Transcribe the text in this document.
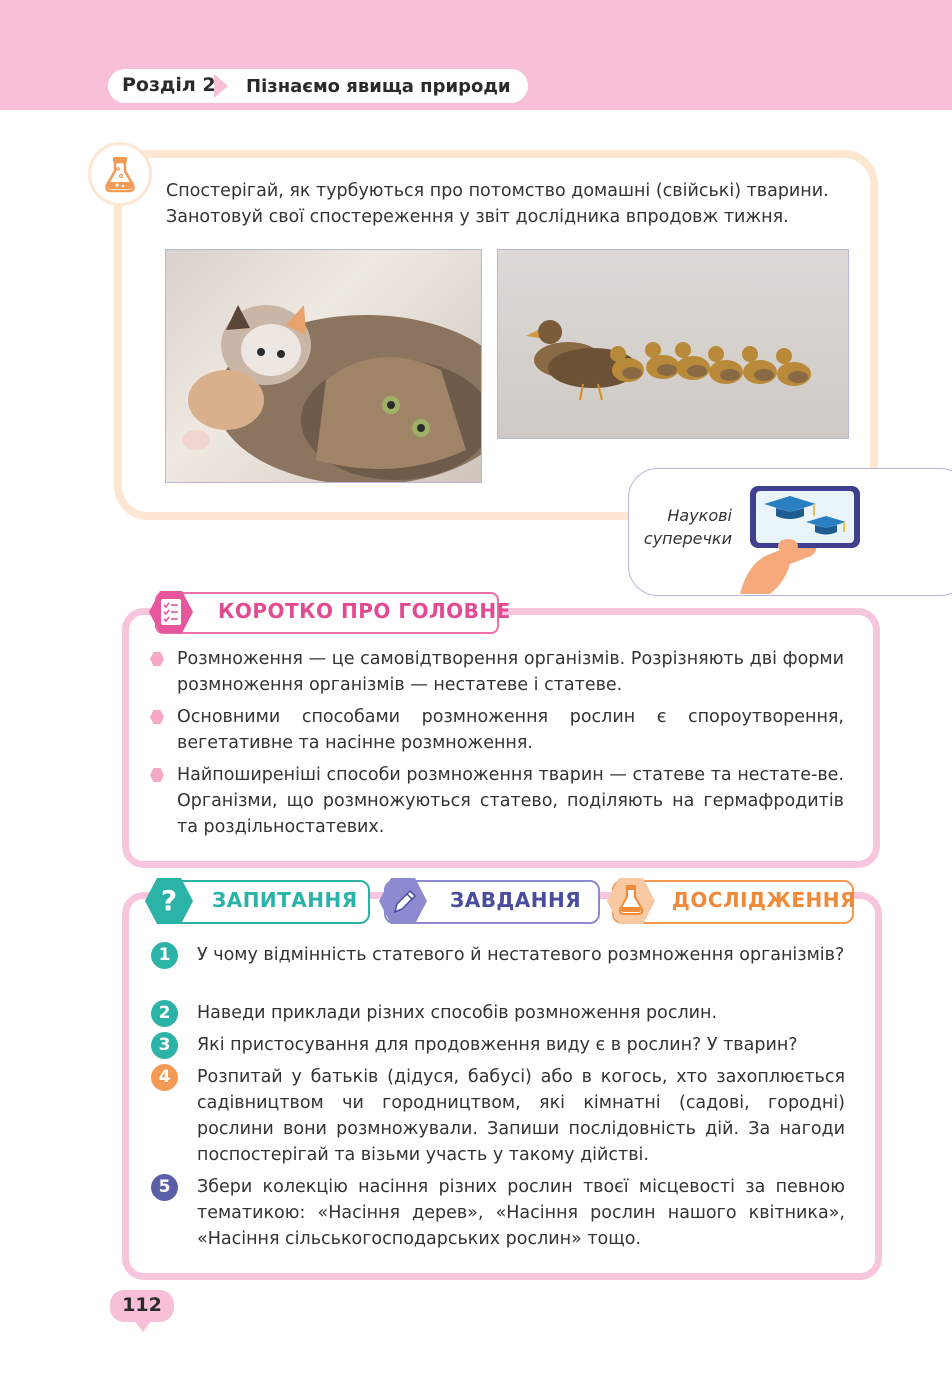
Розділ 2 Пізнаємо явища природи
Спостерігай, як турбуються про потомство домашні (свійські) тварини. Занотовуй свої спостереження у звіт дослідника впродовж тижня.
Наукові
суперечки
КОРОТКО ПРО ГОЛОВНЕ
Розмноження — це самовідтворення організмів. Розрізняють дві форми розмноження організмів — нестатеве і статеве.
Основними способами розмноження рослин є спороутворення, вегетативне та насінне розмноження.
Найпоширеніші способи розмноження тварин — статеве та нестате-ве. Організми, що розмножуються статево, поділяють на гермафродитів та роздільностатевих.
? ЗАПИТАННЯ	ЗАВДАННЯ	ДОСЛІДЖЕННЯ
1	У чому відмінність статевого й нестатевого розмноження організмів?
2	Наведи приклади різних способів розмноження рослин.
3	Які пристосування для продовження виду є в рослин? У тварин?
4	Розпитай у батьків (дідуся, бабусі) або в когось, хто захоплюється садівництвом чи городництвом, які кімнатні (садові, городні) рослини вони розмножували. Запиши послідовність дій. За нагоди поспостерігай та візьми участь у такому дійстві.
5	Збери колекцію насіння різних рослин твоєї місцевості за певною тематикою: «Насіння дерев», «Насіння рослин нашого квітника», «Насіння сільськогосподарських рослин» тощо.
112
